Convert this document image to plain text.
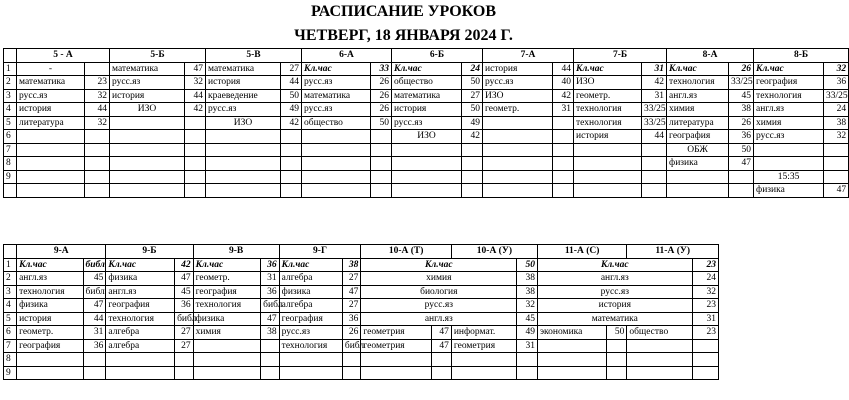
РАСПИСАНИЕ УРОКОВ
ЧЕТВЕРГ, 18 ЯНВАРЯ 2024 Г.
	5 - А		5-Б		5-В		6-А		6-Б		7-А		7-Б		8-А		8-Б	
1	-		математика	47	математика	27	Кл.час	33	Кл.час	24	история	44	Кл.час	31	Кл.час	26	Кл.час	32
2	математика	23	русс.яз	32	история	44	русс.яз	26	общество	50	русс.яз	40	ИЗО	42	технология	33/25	география	36
3	русс.яз	32	история	44	краеведение	50	математика	26	математика	27	ИЗО	42	геометр.	31	англ.яз	45	технология	33/25
4	история	44	ИЗО	42	русс.яз	49	русс.яз	26	история	50	геометр.	31	технология	33/25	химия	38	англ.яз	24
5	литература	32			ИЗО	42	общество	50	русс.яз	49			технология	33/25	литература	26	химия	38
6									ИЗО	42			история	44	география	36	русс.яз	32
7															ОБЖ	50		
8															физика	47		
9																	15:35	
																	физика	47
	9-А		9-Б		9-В		9-Г		10-А (Т)		10-А (У)		11-А (С)		11-А (У)	
1	Кл.час	библ	Кл.час	42	Кл.час	36	Кл.час	38	Кл.час			50	Кл.час			23
2	англ.яз	45	физика	47	геометр.	31	алгебра	27	химия			38	англ.яз			24
3	технология	библ	англ.яз	45	география	36	физика	47	биология			38	русс.яз			32
4	физика	47	география	36	технология	библ	алгебра	27	русс.яз			32	история			23
5	история	44	технология	библ	физика	47	география	36	англ.яз			45	математика			31
6	геометр.	31	алгебра	27	химия	38	русс.яз	26	геометрия	47	информат.	49	экономика	50	общество	23
7	география	36	алгебра	27			технология	библ	геометрия	47	геометрия	31				
8																
9																
